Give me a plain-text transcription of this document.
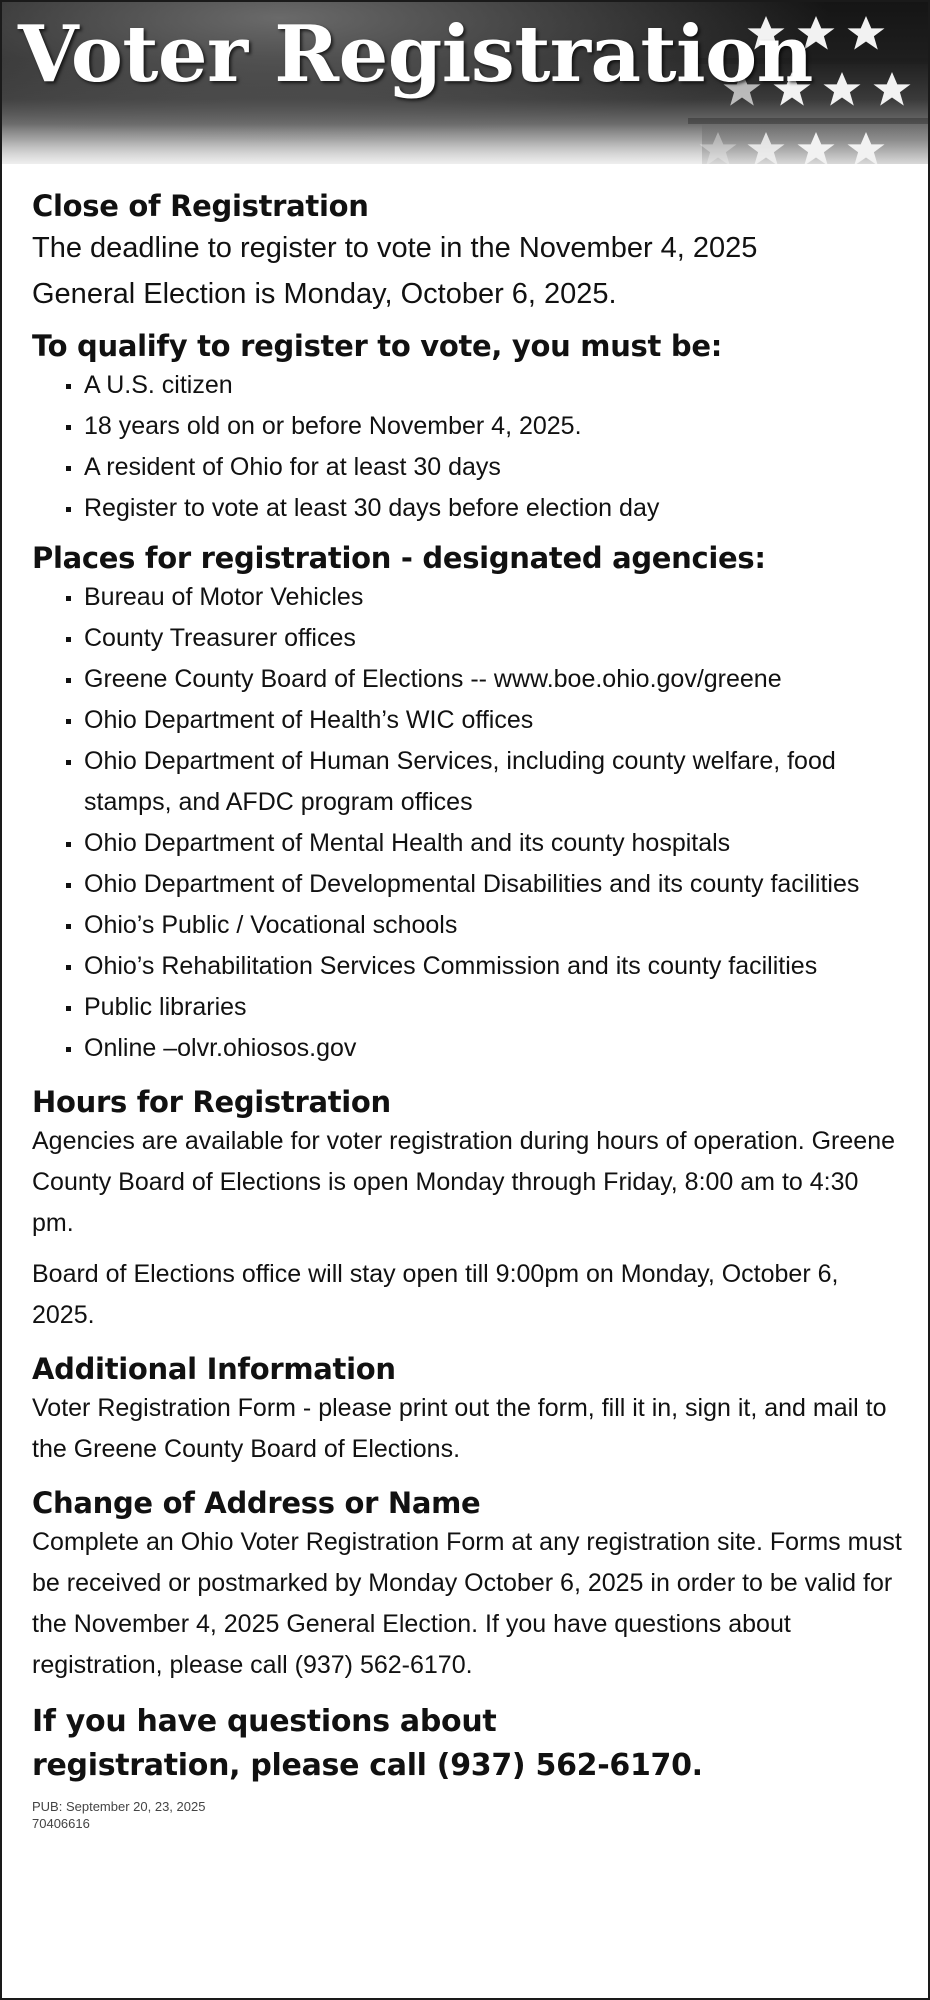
Voter Registration
Close of Registration

The deadline to register to vote in the November 4, 2025

General Election is Monday, October 6, 2025.

To qualify to register to vote, you must be:
A U.S. citizen
18 years old on or before November 4, 2025.
A resident of Ohio for at least 30 days
Register to vote at least 30 days before election day
Places for registration - designated agencies:
Bureau of Motor Vehicles
County Treasurer offices
Greene County Board of Elections -- www.boe.ohio.gov/greene
Ohio Department of Health’s WIC offices
Ohio Department of Human Services, including county welfare, food stamps, and AFDC program offices
Ohio Department of Mental Health and its county hospitals
Ohio Department of Developmental Disabilities and its county facilities
Ohio’s Public / Vocational schools
Ohio’s Rehabilitation Services Commission and its county facilities
Public libraries
Online –olvr.ohiosos.gov
Hours for Registration

Agencies are available for voter registration during hours of operation. Greene County Board of Elections is open Monday through Friday, 8:00 am to 4:30 pm.

Board of Elections office will stay open till 9:00pm on Monday, October 6, 2025.

Additional Information

Voter Registration Form - please print out the form, fill it in, sign it, and mail to the Greene County Board of Elections.

Change of Address or Name

Complete an Ohio Voter Registration Form at any registration site. Forms must be received or postmarked by Monday October 6, 2025 in order to be valid for the November 4, 2025 General Election. If you have questions about registration, please call (937) 562-6170.

If you have questions about

registration, please call (937) 562-6170.

PUB: September 20, 23, 2025

70406616
